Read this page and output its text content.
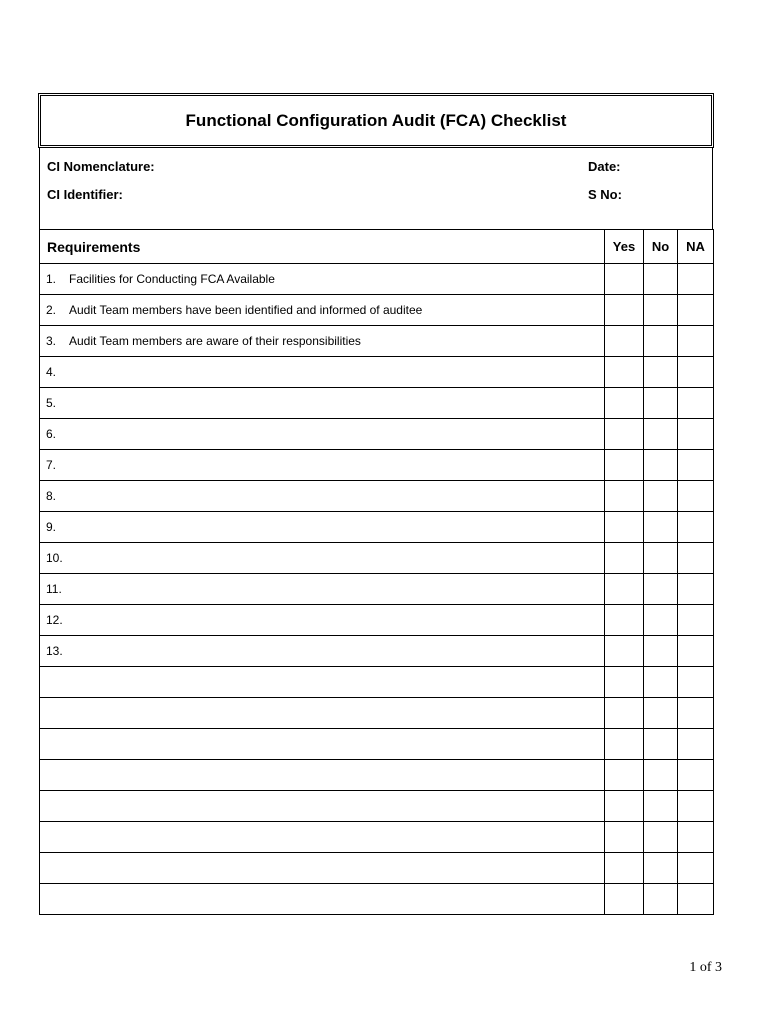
Functional Configuration Audit (FCA) Checklist
CI Nomenclature:
CI Identifier:
Date:
S No:
Requirements	Yes	No	NA
1. Facilities for Conducting FCA Available			
2. Audit Team members have been identified and informed of auditee			
3. Audit Team members are aware of their responsibilities			
4.			
5.			
6.			
7.			
8.			
9.			
10.			
11.			
12.			
13.			

1 of 3
